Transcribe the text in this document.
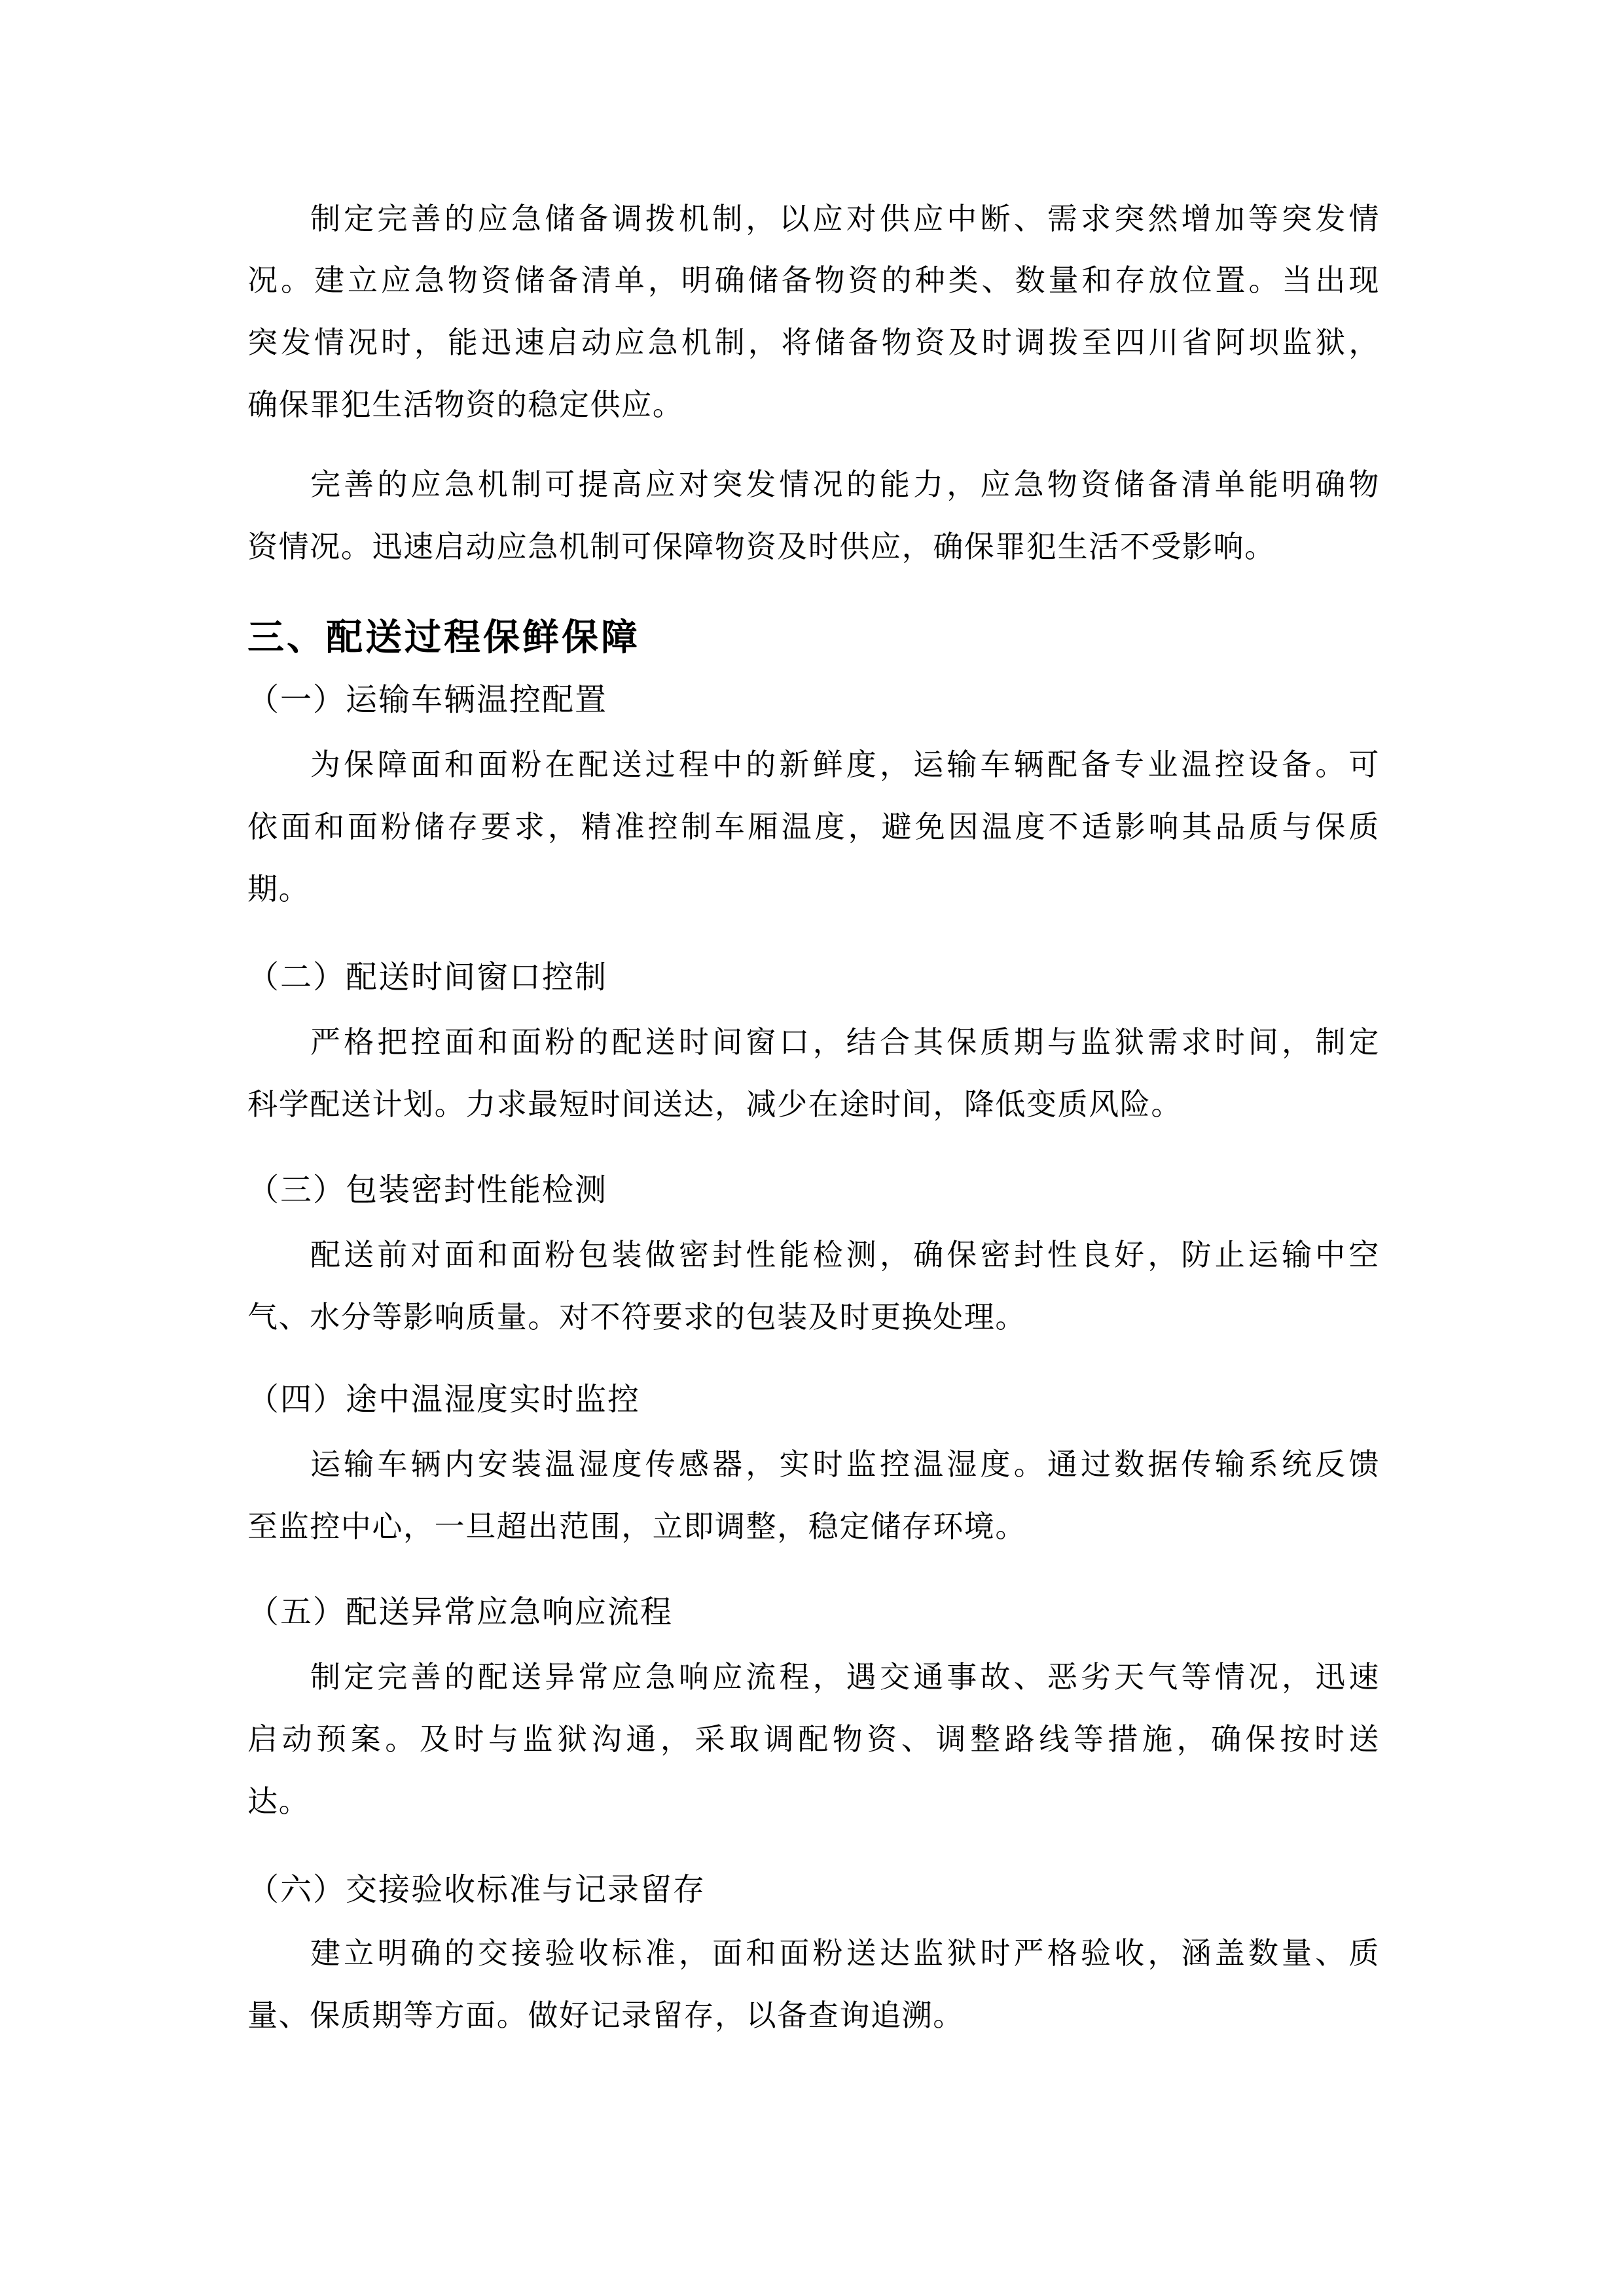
制定完善的应急储备调拨机制，以应对供应中断、需求突然增加等突发情
况。建立应急物资储备清单，明确储备物资的种类、数量和存放位置。当出现
突发情况时，能迅速启动应急机制，将储备物资及时调拨至四川省阿坝监狱，
确保罪犯生活物资的稳定供应。
完善的应急机制可提高应对突发情况的能力，应急物资储备清单能明确物
资情况。迅速启动应急机制可保障物资及时供应，确保罪犯生活不受影响。
三、配送过程保鲜保障
（一）运输车辆温控配置
为保障面和面粉在配送过程中的新鲜度，运输车辆配备专业温控设备。可
依面和面粉储存要求，精准控制车厢温度，避免因温度不适影响其品质与保质
期。
（二）配送时间窗口控制
严格把控面和面粉的配送时间窗口，结合其保质期与监狱需求时间，制定
科学配送计划。力求最短时间送达，减少在途时间，降低变质风险。
（三）包装密封性能检测
配送前对面和面粉包装做密封性能检测，确保密封性良好，防止运输中空
气、水分等影响质量。对不符要求的包装及时更换处理。
（四）途中温湿度实时监控
运输车辆内安装温湿度传感器，实时监控温湿度。通过数据传输系统反馈
至监控中心，一旦超出范围，立即调整，稳定储存环境。
（五）配送异常应急响应流程
制定完善的配送异常应急响应流程，遇交通事故、恶劣天气等情况，迅速
启动预案。及时与监狱沟通，采取调配物资、调整路线等措施，确保按时送
达。
（六）交接验收标准与记录留存
建立明确的交接验收标准，面和面粉送达监狱时严格验收，涵盖数量、质
量、保质期等方面。做好记录留存，以备查询追溯。
